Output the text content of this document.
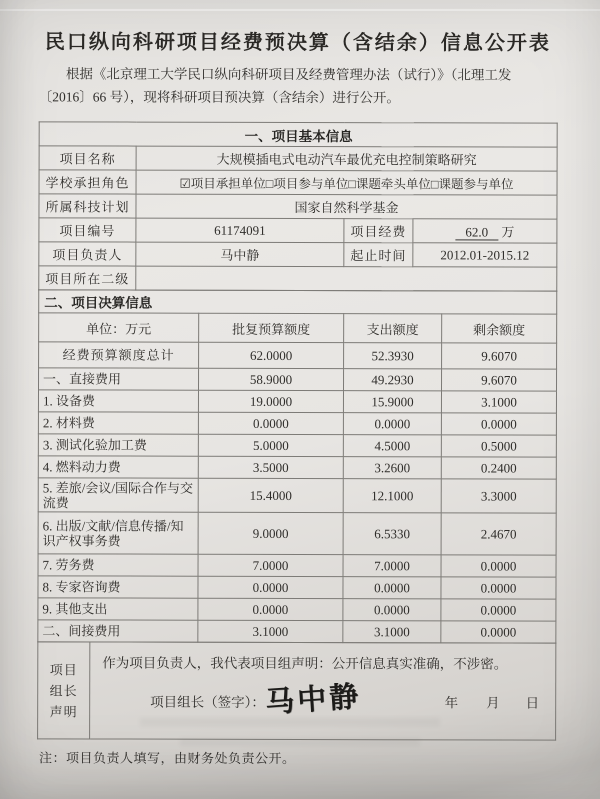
民口纵向科研项目经费预决算（含结余）信息公开表

根据《北京理工大学民口纵向科研项目及经费管理办法（试行）》（北理工发
〔2016〕66 号），现将科研项目预决算（含结余）进行公开。

一、项目基本信息			
项目名称	大规模插电式电动汽车最优充电控制策略研究		
学校承担角色	☑项目承担单位□项目参与单位□课题牵头单位□课题参与单位		
所属科技计划	国家自然科学基金		
项目编号	61174091	项目经费	62.0 万
项目负责人	马中静	起止时间	2012.01-2015.12
项目所在二级			
二、项目决算信息			
单位：万元	批复预算额度	支出额度	剩余额度
经费预算额度总计	62.0000	52.3930	9.6070
一、直接费用	58.9000	49.2930	9.6070
1. 设备费	19.0000	15.9000	3.1000
2. 材料费	0.0000	0.0000	0.0000
3. 测试化验加工费	5.0000	4.5000	0.5000
4. 燃料动力费	3.5000	3.2600	0.2400
5. 差旅/会议/国际合作与交流费	15.4000	12.1000	3.3000
6. 出版/文献/信息传播/知识产权事务费	9.0000	6.5330	2.4670
7. 劳务费	7.0000	7.0000	0.0000
8. 专家咨询费	0.0000	0.0000	0.0000
9. 其他支出	0.0000	0.0000	0.0000
二、间接费用	3.1000	3.1000	0.0000
项目
组长
声明

作为项目负责人，我代表项目组声明：公开信息真实准确，不涉密。
项目组长（签字）： 马中静	年 月 日
注：项目负责人填写，由财务处负责公开。
